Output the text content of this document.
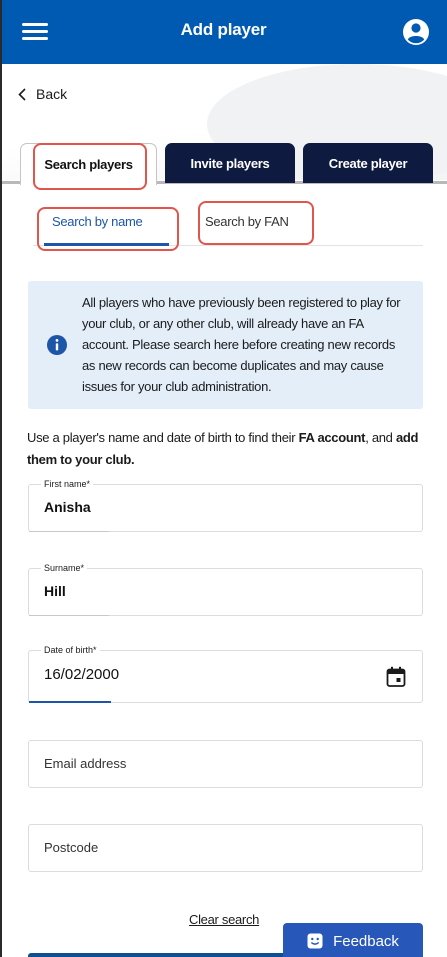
Add player
Back
Search players	Invite players	Create player
Search by name	Search by FAN

All players who have previously been registered to play for your club, or any other club, will already have an FA account. Please search here before creating new records as new records can become duplicates and may cause issues for your club administration.

Use a player's name and date of birth to find their FA account, and add them to your club.

First name*
Anisha
Surname*
Hill
Date of birth*
16/02/2000
Email address
Postcode
Clear search
Feedback
